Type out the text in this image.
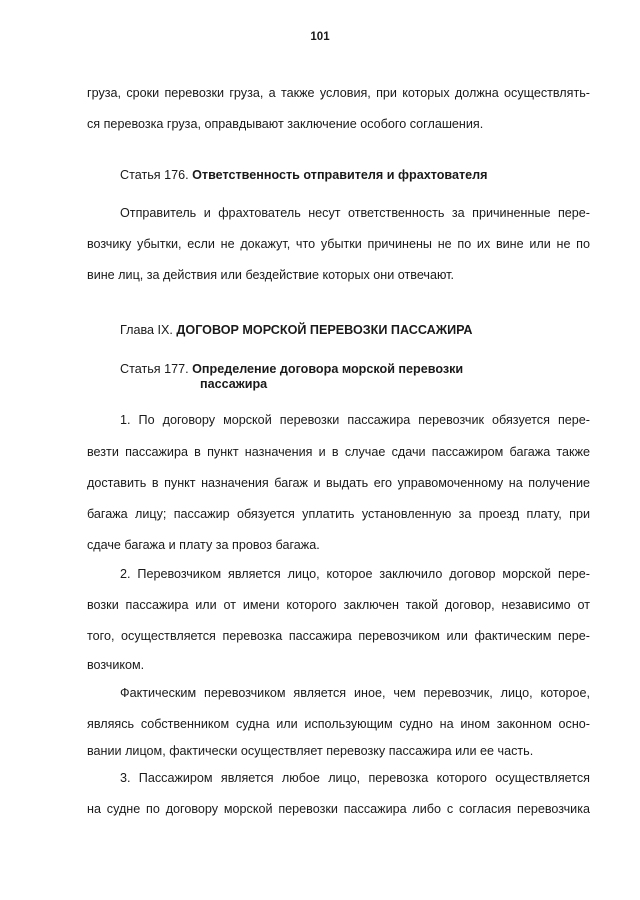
101
груза, сроки перевозки груза, а также условия, при которых должна осуществлять-
ся перевозка груза, оправдывают заключение особого соглашения.
Статья 176. Ответственность отправителя и фрахтователя
Отправитель и фрахтователь несут ответственность за причиненные пере-
возчику убытки, если не докажут, что убытки причинены не по их вине или не по
вине лиц, за действия или бездействие которых они отвечают.
Глава IX. ДОГОВОР МОРСКОЙ ПЕРЕВОЗКИ ПАССАЖИРА
Статья 177. Определение договора морской перевозки
пассажира
1. По договору морской перевозки пассажира перевозчик обязуется пере-
везти пассажира в пункт назначения и в случае сдачи пассажиром багажа также
доставить в пункт назначения багаж и выдать его управомоченному на получение
багажа лицу; пассажир обязуется уплатить установленную за проезд плату, при
сдаче багажа и плату за провоз багажа.
2. Перевозчиком является лицо, которое заключило договор морской пере-
возки пассажира или от имени которого заключен такой договор, независимо от
того, осуществляется перевозка пассажира перевозчиком или фактическим пере-
возчиком.
Фактическим перевозчиком является иное, чем перевозчик, лицо, которое,
являясь собственником судна или использующим судно на ином законном осно-
вании лицом, фактически осуществляет перевозку пассажира или ее часть.
3. Пассажиром является любое лицо, перевозка которого осуществляется
на судне по договору морской перевозки пассажира либо с согласия перевозчика
